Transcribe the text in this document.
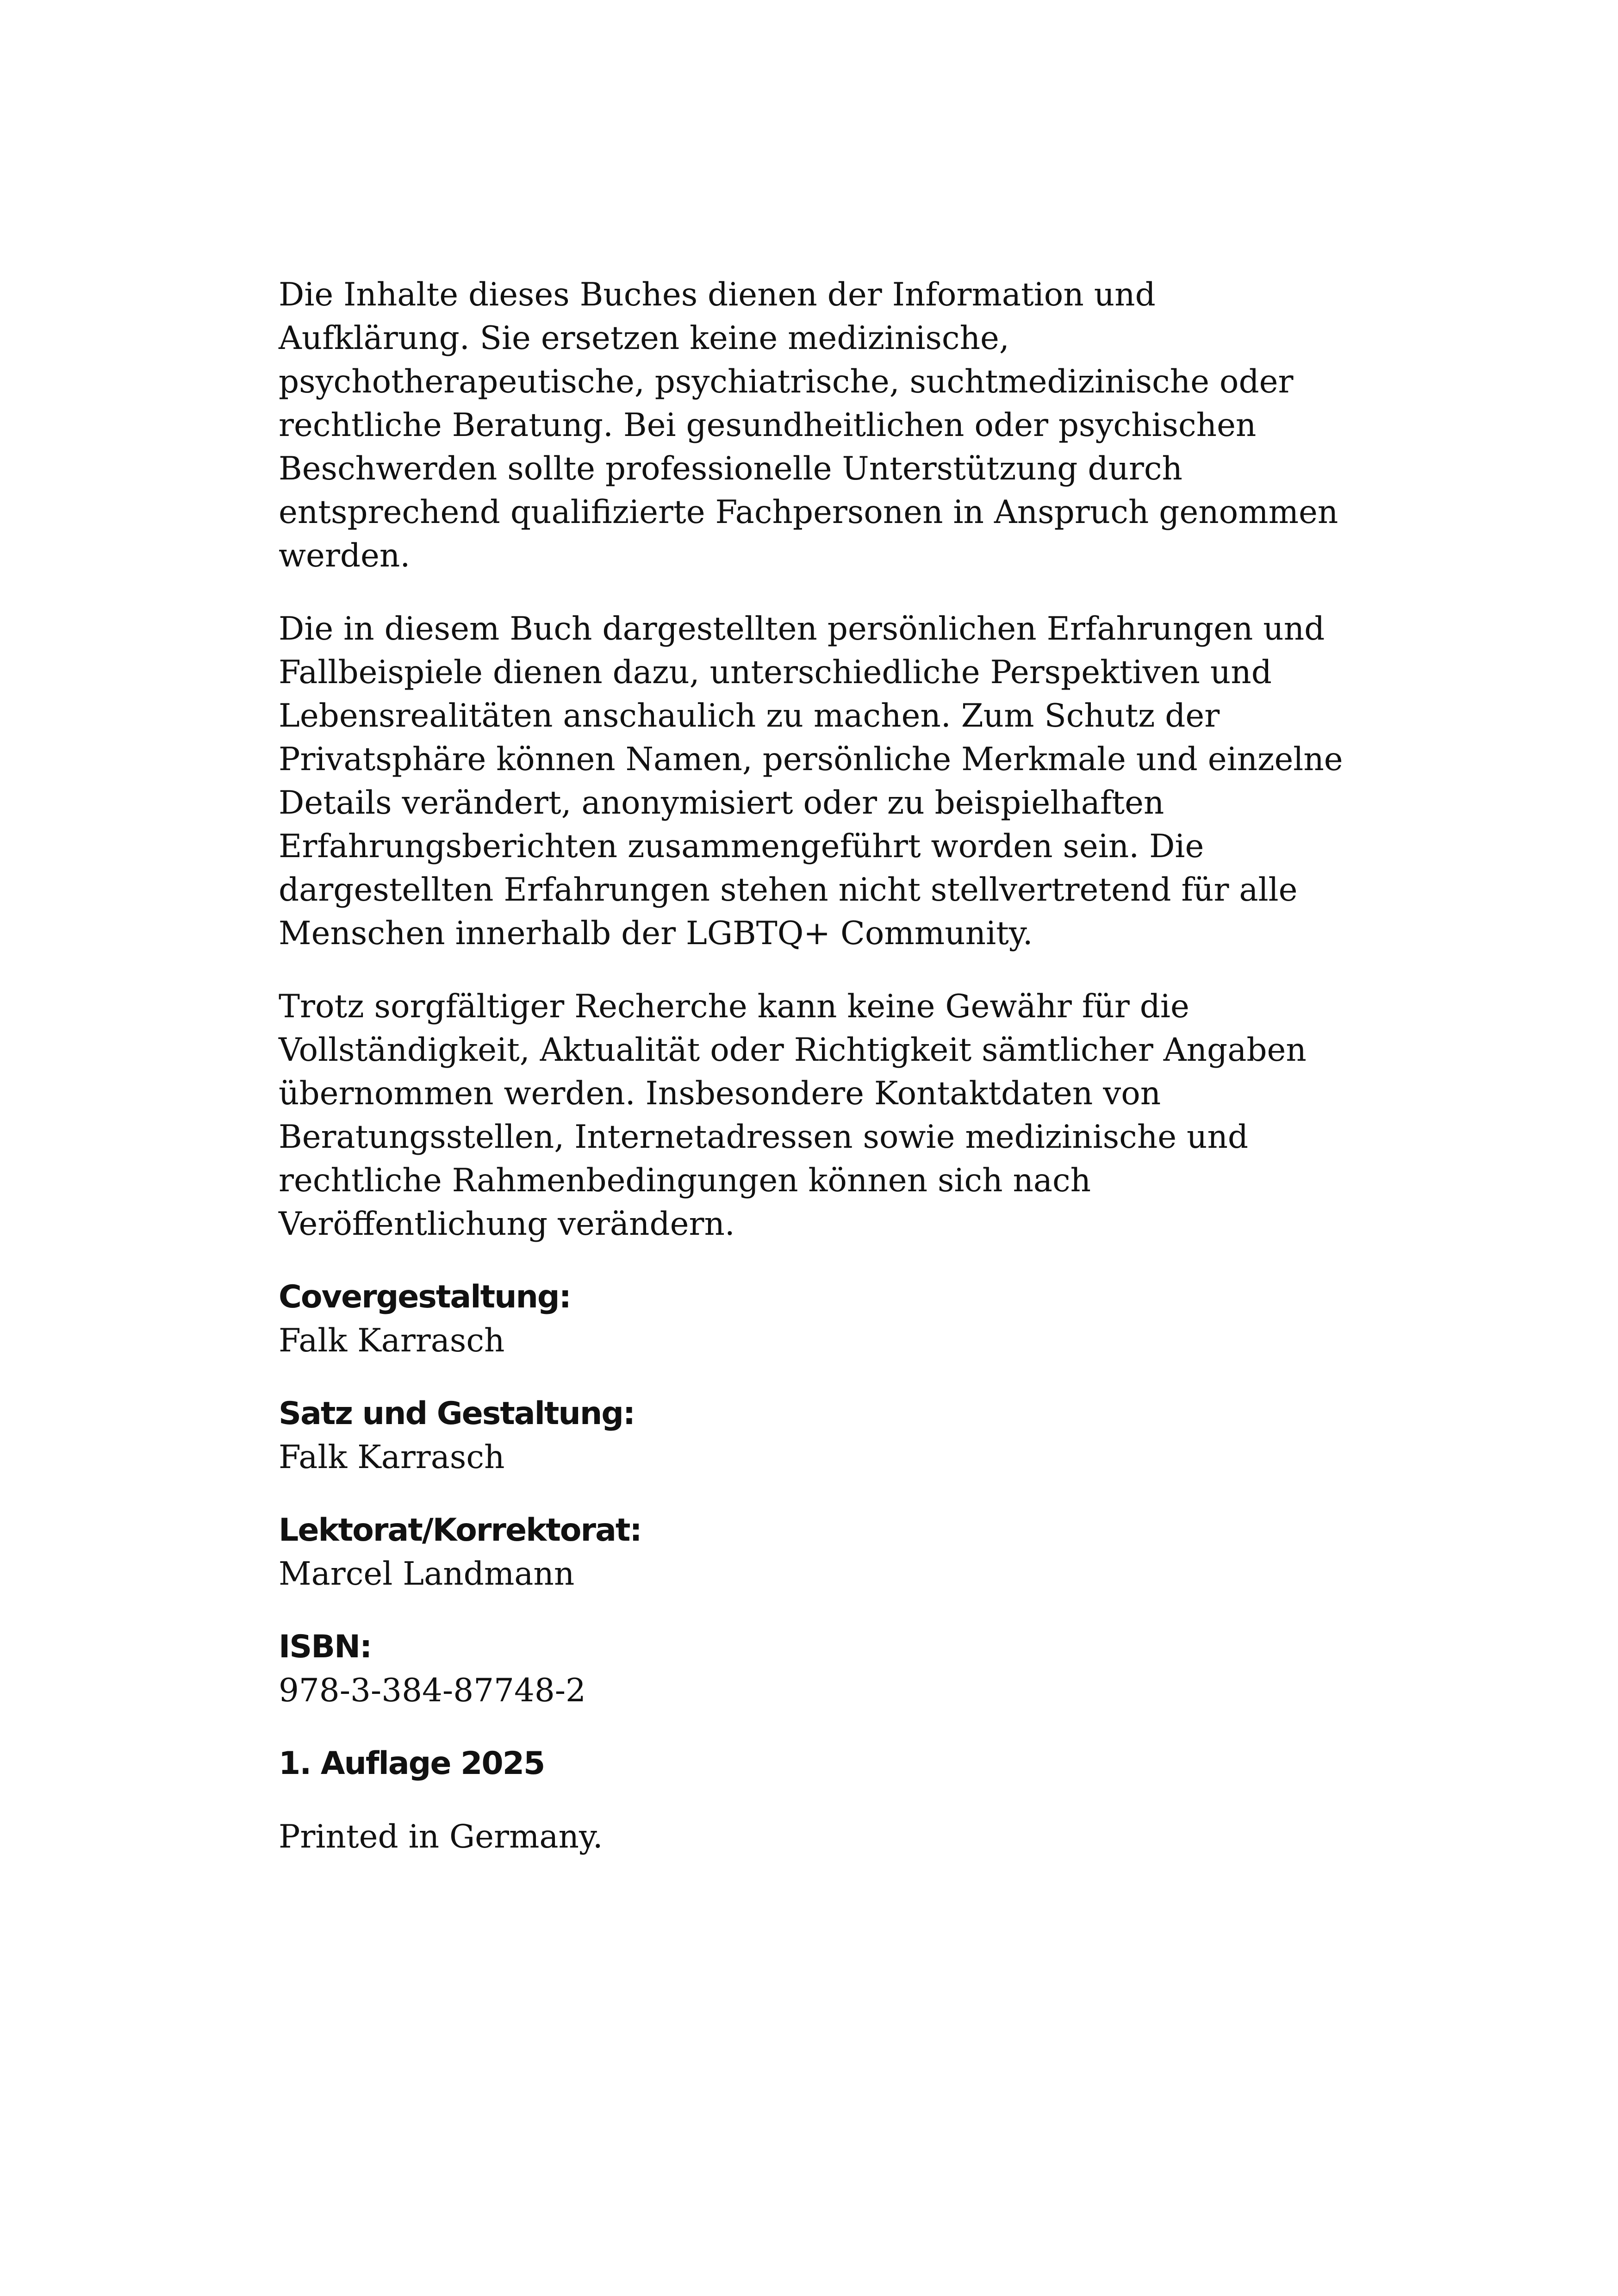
Die Inhalte dieses Buches dienen der Information und Aufklärung. Sie ersetzen keine medizinische, psychotherapeutische, psychiatrische, suchtmedizinische oder rechtliche Beratung. Bei gesundheitlichen oder psychischen Beschwerden sollte professionelle Unterstützung durch entsprechend qualifizierte Fachpersonen in Anspruch genommen werden.

Die in diesem Buch dargestellten persönlichen Erfahrungen und Fallbeispiele dienen dazu, unterschiedliche Perspektiven und Lebensrealitäten anschaulich zu machen. Zum Schutz der Privatsphäre können Namen, persönliche Merkmale und einzelne Details verändert, anonymisiert oder zu beispielhaften Erfahrungsberichten zusammengeführt worden sein. Die dargestellten Erfahrungen stehen nicht stellvertretend für alle Menschen innerhalb der LGBTQ+ Community.

Trotz sorgfältiger Recherche kann keine Gewähr für die Vollständigkeit, Aktualität oder Richtigkeit sämtlicher Angaben übernommen werden. Insbesondere Kontaktdaten von Beratungsstellen, Internetadressen sowie medizinische und rechtliche Rahmenbedingungen können sich nach Veröffentlichung verändern.

Covergestaltung:
Falk Karrasch
Satz und Gestaltung:
Falk Karrasch
Lektorat/Korrektorat:
Marcel Landmann
ISBN:
978-3-384-87748-2
1. Auflage 2025
Printed in Germany.
